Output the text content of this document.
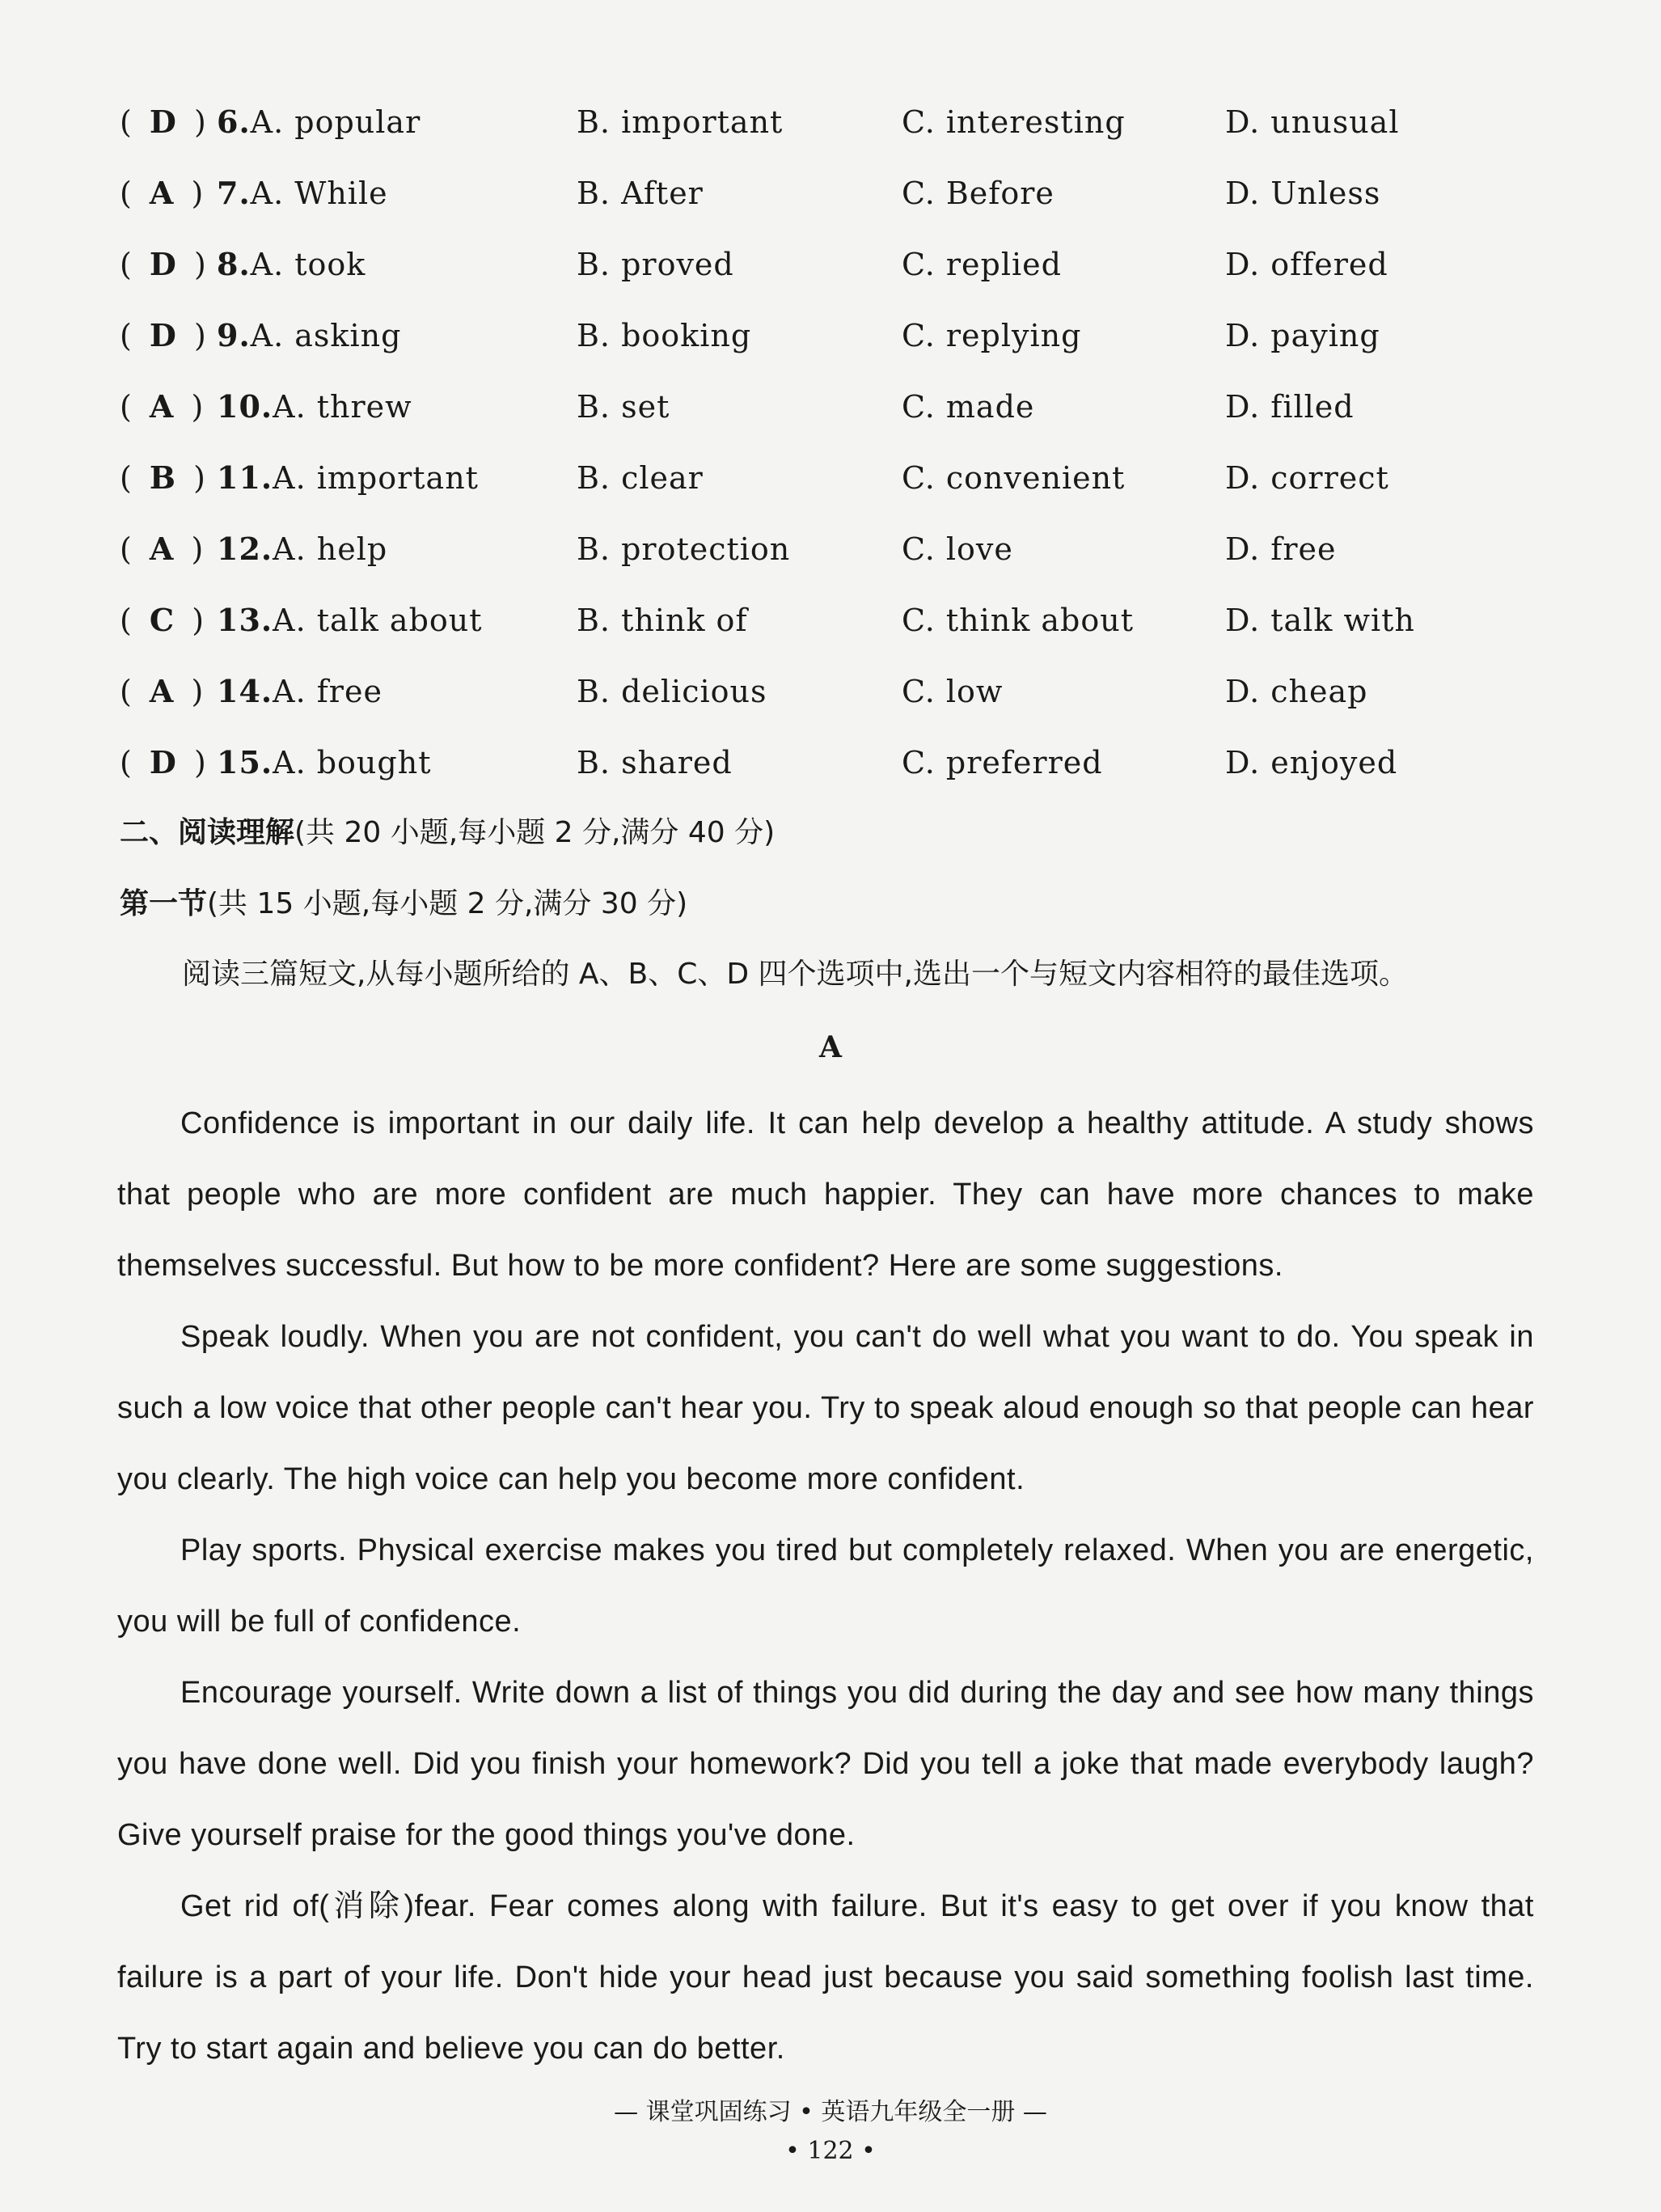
( D ) 6.A. popular	B. important	C. interesting	D. unusual
( A ) 7.A. While	B. After	C. Before	D. Unless
( D ) 8.A. took	B. proved	C. replied	D. offered
( D ) 9.A. asking	B. booking	C. replying	D. paying
( A ) 10.A. threw	B. set	C. made	D. filled
( B ) 11.A. important	B. clear	C. convenient	D. correct
( A ) 12.A. help	B. protection	C. love	D. free
( C ) 13.A. talk about	B. think of	C. think about	D. talk with
( A ) 14.A. free	B. delicious	C. low	D. cheap
( D ) 15.A. bought	B. shared	C. preferred	D. enjoyed
二、阅读理解(共 20 小题,每小题 2 分,满分 40 分)
第一节(共 15 小题,每小题 2 分,满分 30 分)
阅读三篇短文,从每小题所给的 A、B、C、D 四个选项中,选出一个与短文内容相符的最佳选项。
A

Confidence is important in our daily life. It can help develop a healthy attitude. A study shows that people who are more confident are much happier. They can have more chances to make themselves successful. But how to be more confident? Here are some suggestions.

Speak loudly. When you are not confident, you can't do well what you want to do. You speak in such a low voice that other people can't hear you. Try to speak aloud enough so that people can hear you clearly. The high voice can help you become more confident.

Play sports. Physical exercise makes you tired but completely relaxed. When you are energetic, you will be full of confidence.

Encourage yourself. Write down a list of things you did during the day and see how many things you have done well. Did you finish your homework? Did you tell a joke that made everybody laugh? Give yourself praise for the good things you've done.

Get rid of(消除)fear. Fear comes along with failure. But it's easy to get over if you know that failure is a part of your life. Don't hide your head just because you said something foolish last time. Try to start again and believe you can do better.

— 课堂巩固练习 • 英语九年级全一册 —
• 122 •
